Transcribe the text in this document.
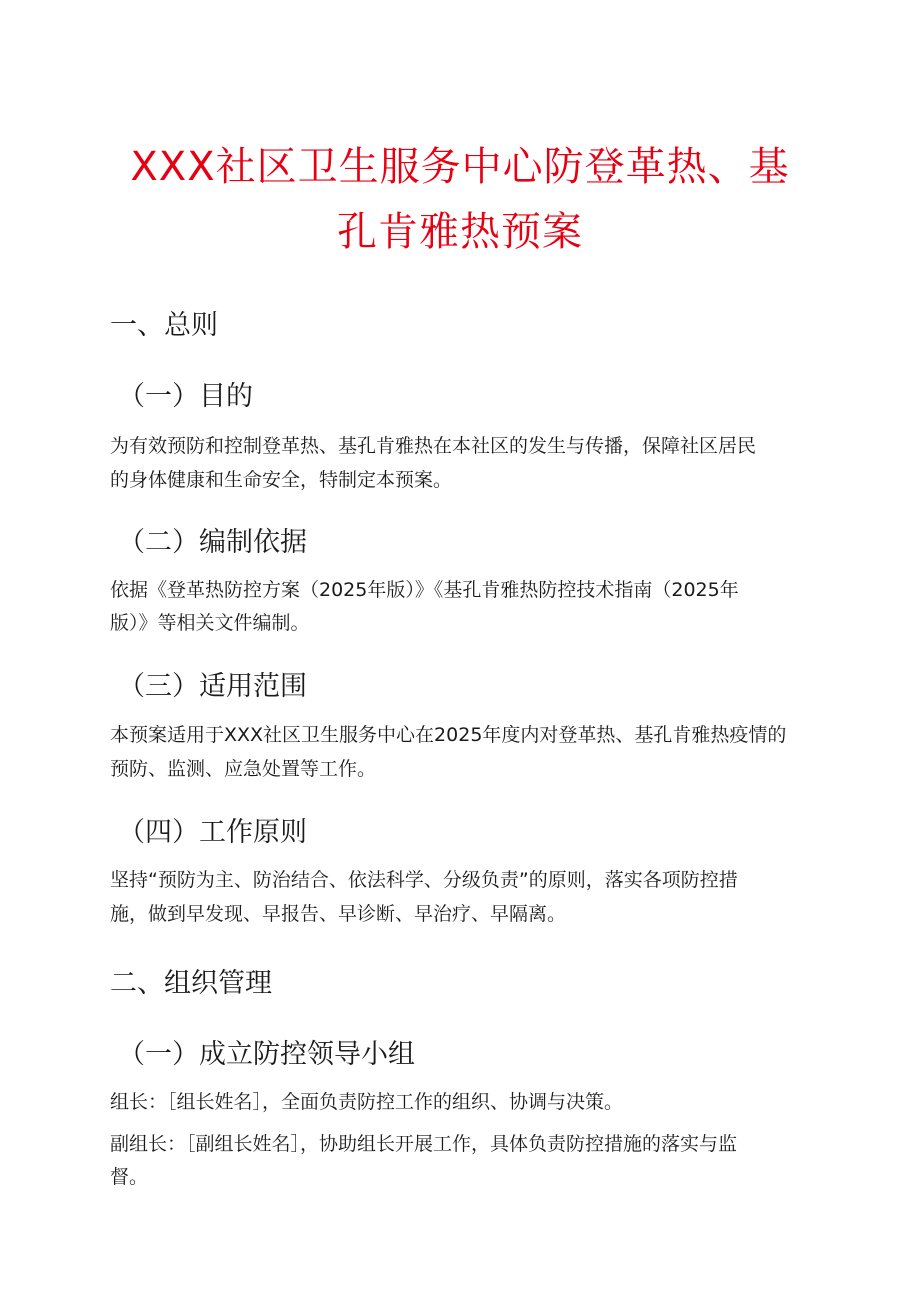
XXX社区卫生服务中心防登革热、基
孔肯雅热预案
一、总则
（一）目的

为有效预防和控制登革热、基孔肯雅热在本社区的发生与传播，保障社区居民

的身体健康和生命安全，特制定本预案。

（二）编制依据

依据《登革热防控方案（2025年版）》《基孔肯雅热防控技术指南（2025年

版）》等相关文件编制。

（三）适用范围

本预案适用于XXX社区卫生服务中心在2025年度内对登革热、基孔肯雅热疫情的

预防、监测、应急处置等工作。

（四）工作原则

坚持“预防为主、防治结合、依法科学、分级负责”的原则，落实各项防控措

施，做到早发现、早报告、早诊断、早治疗、早隔离。

二、组织管理
（一）成立防控领导小组

组长：［组长姓名］，全面负责防控工作的组织、协调与决策。

副组长：［副组长姓名］，协助组长开展工作，具体负责防控措施的落实与监

督。
